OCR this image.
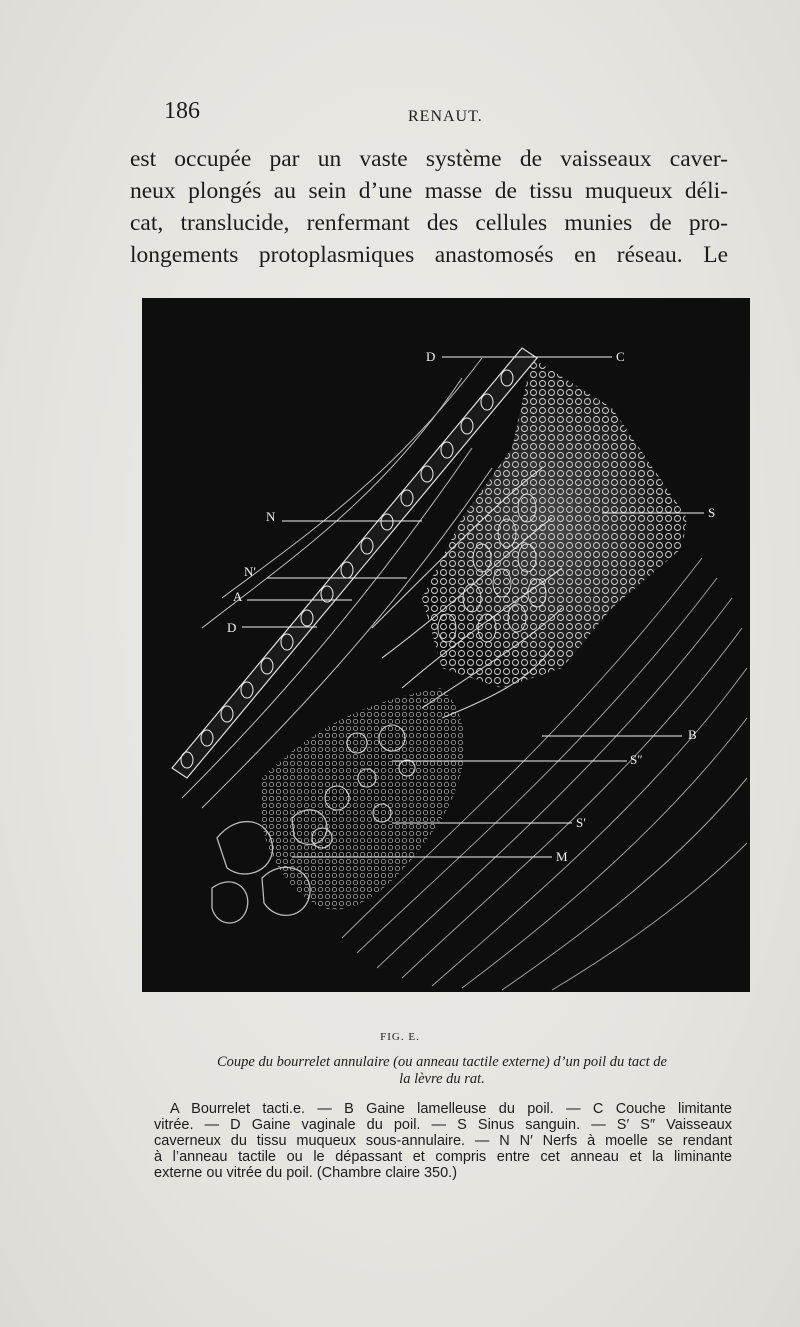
186	RENAUT.
est occupée par un vaste système de vaisseaux caver-
neux plongés au sein d’une masse de tissu muqueux déli-
cat, translucide, renfermant des cellules munies de pro-
longements protoplasmiques anastomosés en réseau. Le
D	C
S
N
N′
A
D
B
S″
S′
M
FIG. E.
Coupe du bourrelet annulaire (ou anneau tactile externe) d’un poil du tact de
la lèvre du rat.
A Bourrelet tacti.e. — B Gaine lamelleuse du poil. — C Couche limitante
vitrée. — D Gaine vaginale du poil. — S Sinus sanguin. — S′ S″ Vaisseaux
caverneux du tissu muqueux sous-annulaire. — N N′ Nerfs à moelle se rendant
à l’anneau tactile ou le dépassant et compris entre cet anneau et la liminante
externe ou vitrée du poil. (Chambre claire 350.)
